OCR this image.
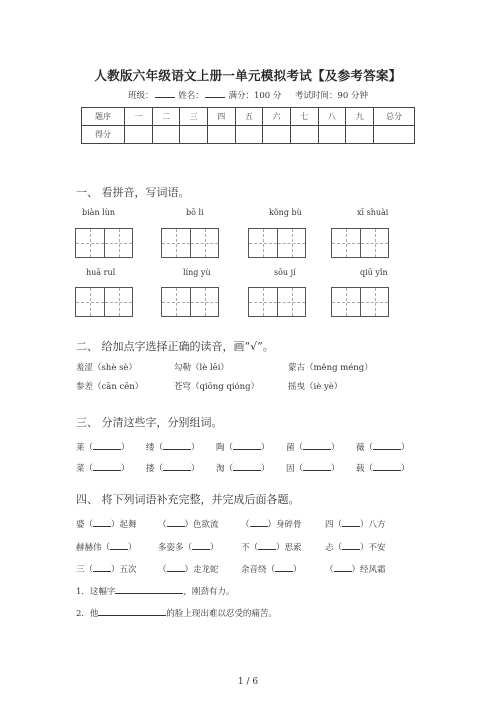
人教版六年级语文上册一单元模拟考试【及参考答案】
班级：	姓名：	满分：100 分 考试时间：90 分钟
题序	一	二	三	四	五	六	七	八	九	总分
得分										
一、 看拼音，写词语。
biàn lùn	bō li	kǒng bù	xī shuài
huā ruǐ	líng yù	sōu jí	qiū yǐn
二、 给加点字选择正确的读音，画“√”。
羞涩（shè sè）	勾勒（lè lēi）	蒙古（měng méng）
参差（cān cēn）	苍穹（qiōng qióng）	摇曳（iè yè）
三、 分清这些字，分别组词。
莱（	） 缕（	） 陶（	） 菌（	） 薇（	）
菜（	） 搂（	） 淘（	） 因（	） 载（	）
四、 将下列词语补充完整，并完成后面各题。
婆（ ）起舞	（ ）色欲流	（ ）身碎骨	四（ ）八方
赫赫伟（ ）	多姿多（ ）	不（ ）思索	忐（ ）不安
三（ ）五次	（ ）走龙蛇	余音绕（ ）	（ ）经风霜
1．这幅字	，刚劲有力。
2．他	的脸上现出难以忍受的痛苦。
1 / 6
